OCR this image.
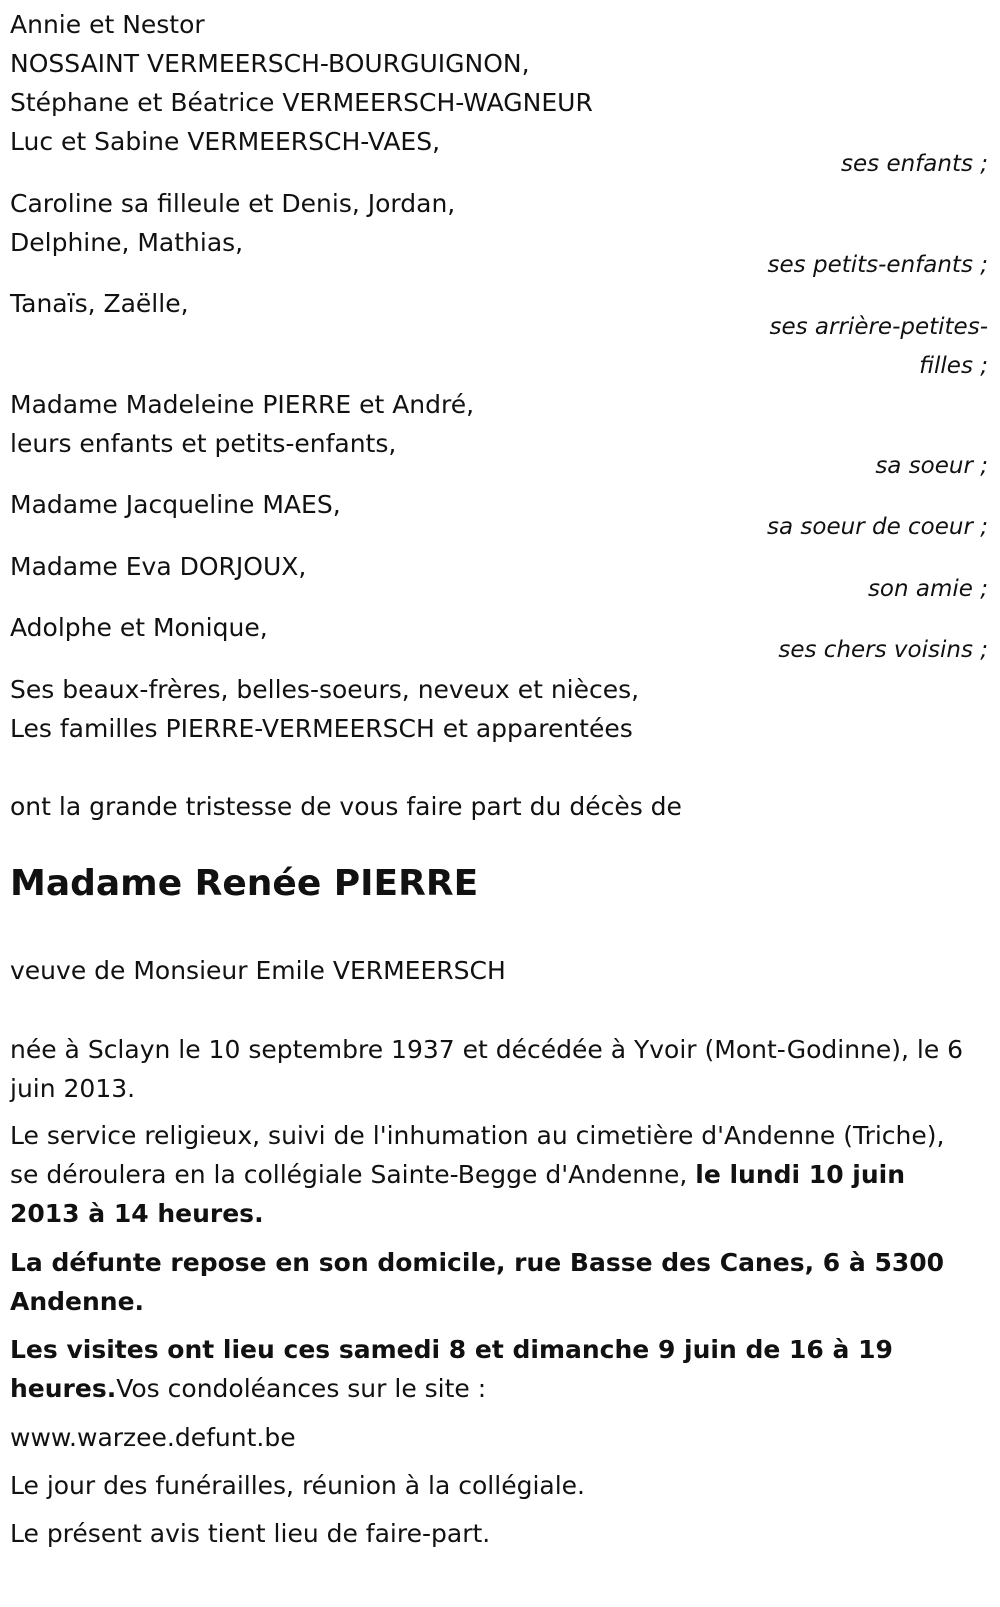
Annie et Nestor
NOSSAINT VERMEERSCH-BOURGUIGNON,
Stéphane et Béatrice VERMEERSCH-WAGNEUR
Luc et Sabine VERMEERSCH-VAES,
ses enfants ;
Caroline sa filleule et Denis, Jordan,
Delphine, Mathias,
ses petits-enfants ;
Tanaïs, Zaëlle,
ses arrière-petites-
filles ;
Madame Madeleine PIERRE et André,
leurs enfants et petits-enfants,
sa soeur ;
Madame Jacqueline MAES,
sa soeur de coeur ;
Madame Eva DORJOUX,
son amie ;
Adolphe et Monique,
ses chers voisins ;
Ses beaux-frères, belles-soeurs, neveux et nièces,
Les familles PIERRE-VERMEERSCH et apparentées
ont la grande tristesse de vous faire part du décès de
Madame Renée PIERRE
veuve de Monsieur Emile VERMEERSCH
née à Sclayn le 10 septembre 1937 et décédée à Yvoir (Mont-Godinne), le 6 juin 2013.
Le service religieux, suivi de l'inhumation au cimetière d'Andenne (Triche), se déroulera en la collégiale Sainte-Begge d'Andenne, le lundi 10 juin 2013 à 14 heures.
La défunte repose en son domicile, rue Basse des Canes, 6 à 5300 Andenne.
Les visites ont lieu ces samedi 8 et dimanche 9 juin de 16 à 19 heures.Vos condoléances sur le site :
www.warzee.defunt.be
Le jour des funérailles, réunion à la collégiale.
Le présent avis tient lieu de faire-part.
